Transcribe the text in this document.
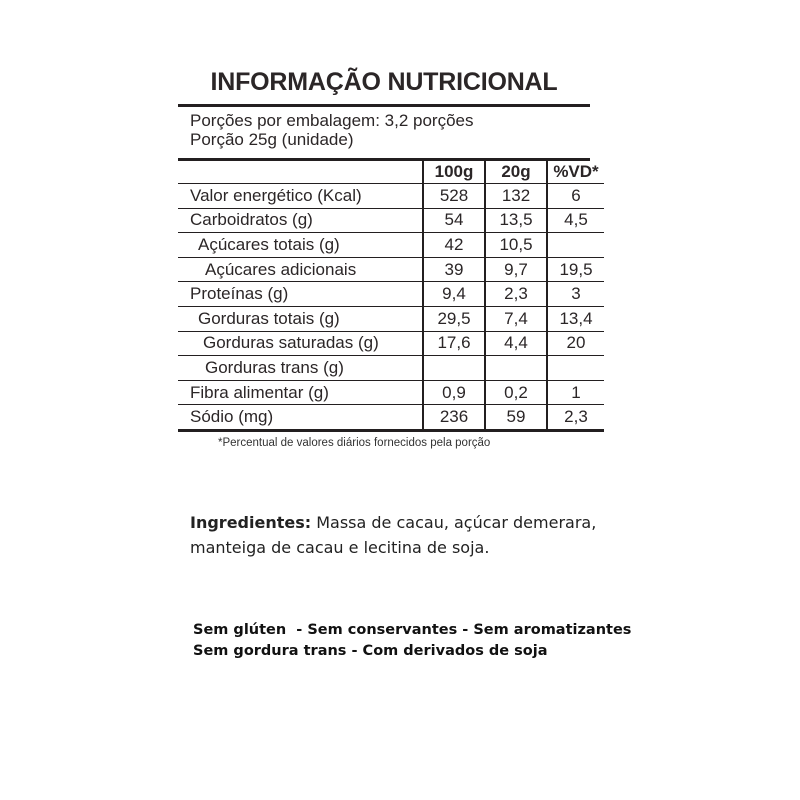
INFORMAÇÃO NUTRICIONAL
Porções por embalagem: 3,2 porções
Porção 25g (unidade)
	100g	20g	%VD*
Valor energético (Kcal)	528	132	6
Carboidratos (g)	54	13,5	4,5
Açúcares totais (g)	42	10,5	
Açúcares adicionais	39	9,7	19,5
Proteínas (g)	9,4	2,3	3
Gorduras totais (g)	29,5	7,4	13,4
Gorduras saturadas (g)	17,6	4,4	20
Gorduras trans (g)			
Fibra alimentar (g)	0,9	0,2	1
Sódio (mg)	236	59	2,3
*Percentual de valores diários fornecidos pela porção
Ingredientes: Massa de cacau, açúcar demerara, manteiga de cacau e lecitina de soja.
Sem glúten  - Sem conservantes - Sem aromatizantes
Sem gordura trans - Com derivados de soja
